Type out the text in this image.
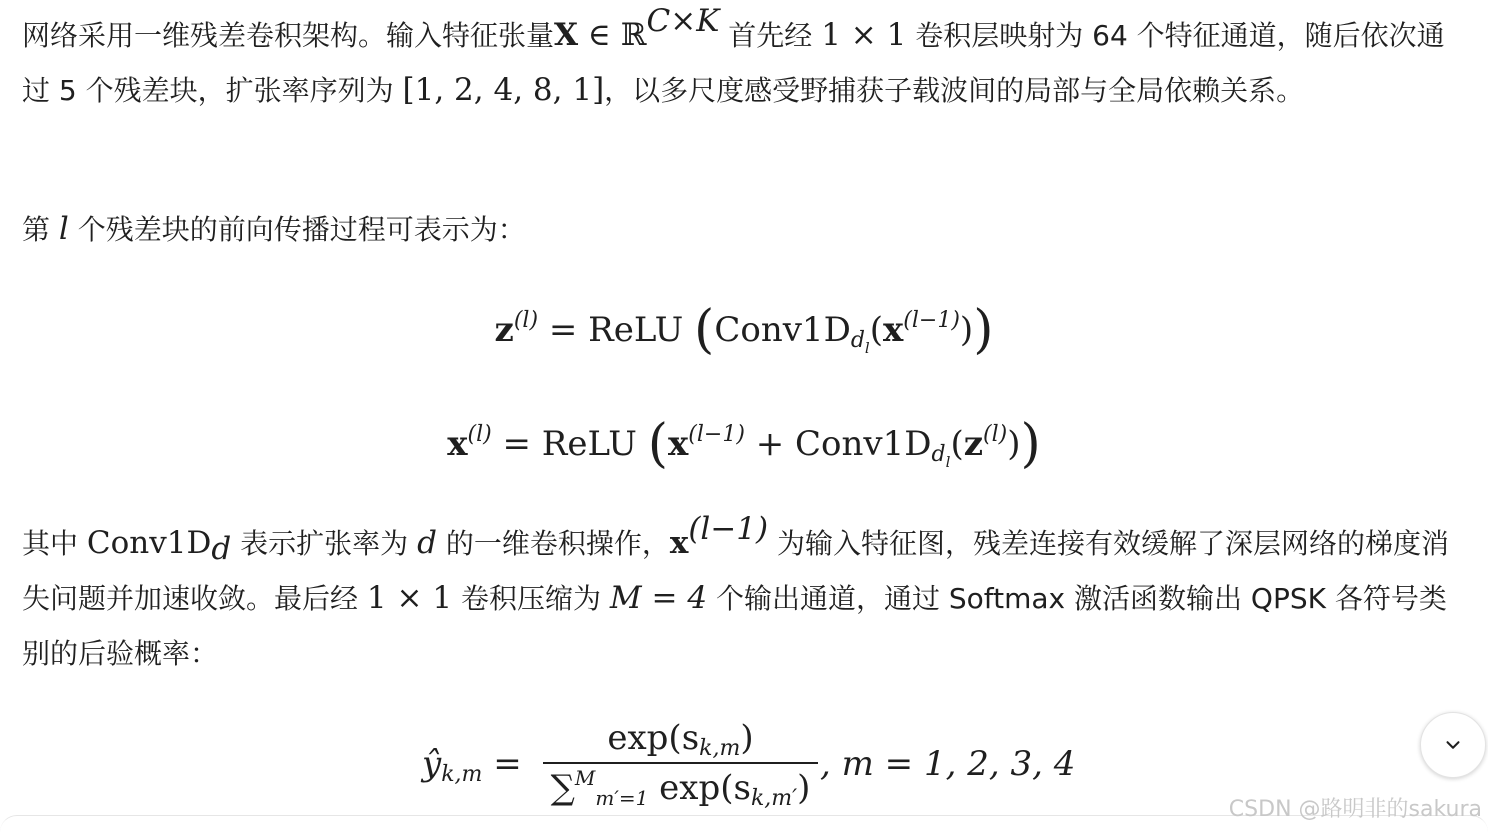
网络采用一维残差卷积架构。输入特征张量X ∈ ℝ$^{C\times K}$ 首先经 1 × 1 卷积层映射为 64 个特征通道，随后依次通过 5 个残差块，扩张率序列为 [1, 2, 4, 8, 1]，以多尺度感受野捕获子载波间的局部与全局依赖关系。

第 l 个残差块的前向传播过程可表示为：

$z^{(l)}$ = ReLU $(Conv1D_{d_l}(x^{(l-1)}))$
$x^{(l)}$ = ReLU ($x^{(l-1)}$ + $Conv1D_{d_l}(z^{(l)})$)

其中 $Conv1D_d$ 表示扩张率为 d 的一维卷积操作，$x^{(l-1)}$ 为输入特征图，残差连接有效缓解了深层网络的梯度消失问题并加速收敛。最后经 1 × 1 卷积压缩为 M = 4 个输出通道，通过 Softmax 激活函数输出 QPSK 各符号类别的后验概率：

$ŷ_{k,m}$ =
$\exp(s_{k,m})$
∑$^M_{m'=1}$ $\exp(s_{k,m'})$
, m = 1, 2, 3, 4
CSDN @路明非的sakura
